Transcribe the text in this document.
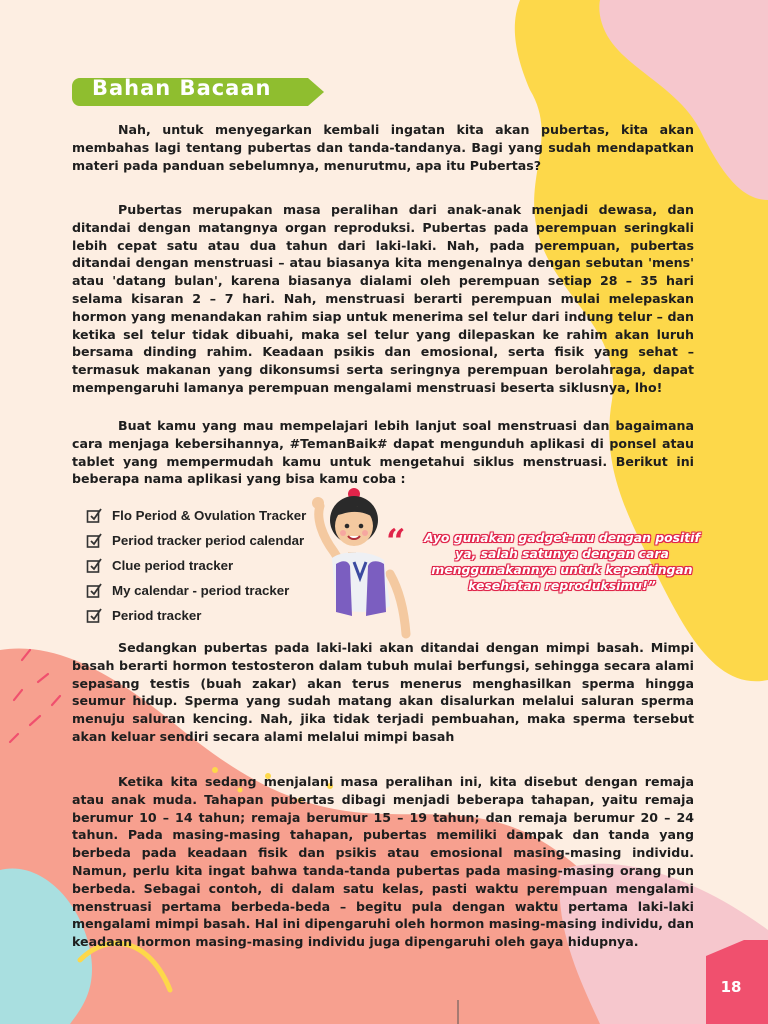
Bahan Bacaan

Nah, untuk menyegarkan kembali ingatan kita akan pubertas, kita akan membahas lagi tentang pubertas dan tanda-tandanya. Bagi yang sudah mendapatkan materi pada panduan sebelumnya, menurutmu, apa itu Pubertas?

Pubertas merupakan masa peralihan dari anak-anak menjadi dewasa, dan ditandai dengan matangnya organ reproduksi. Pubertas pada perempuan seringkali lebih cepat satu atau dua tahun dari laki-laki. Nah, pada perempuan, pubertas ditandai dengan menstruasi – atau biasanya kita mengenalnya dengan sebutan 'mens' atau 'datang bulan', karena biasanya dialami oleh perempuan setiap 28 – 35 hari selama kisaran 2 – 7 hari. Nah, menstruasi berarti perempuan mulai melepaskan hormon yang menandakan rahim siap untuk menerima sel telur dari indung telur – dan ketika sel telur tidak dibuahi, maka sel telur yang dilepaskan ke rahim akan luruh bersama dinding rahim. Keadaan psikis dan emosional, serta fisik yang sehat – termasuk makanan yang dikonsumsi serta seringnya perempuan berolahraga, dapat mempengaruhi lamanya perempuan mengalami menstruasi beserta siklusnya, lho!

Buat kamu yang mau mempelajari lebih lanjut soal menstruasi dan bagaimana cara menjaga kebersihannya, #TemanBaik# dapat mengunduh aplikasi di ponsel atau tablet yang mempermudah kamu untuk mengetahui siklus menstruasi. Berikut ini beberapa nama aplikasi yang bisa kamu coba :

Flo Period & Ovulation Tracker
Period tracker period calendar
Clue period tracker
My calendar - period tracker
Period tracker
“	Ayo gunakan gadget-mu dengan positif ya, salah satunya dengan cara menggunakannya untuk kepentingan kesehatan reproduksimu!”

Sedangkan pubertas pada laki-laki akan ditandai dengan mimpi basah. Mimpi basah berarti hormon testosteron dalam tubuh mulai berfungsi, sehingga secara alami sepasang testis (buah zakar) akan terus menerus menghasilkan sperma hingga seumur hidup. Sperma yang sudah matang akan disalurkan melalui saluran sperma menuju saluran kencing. Nah, jika tidak terjadi pembuahan, maka sperma tersebut akan keluar sendiri secara alami melalui mimpi basah

Ketika kita sedang menjalani masa peralihan ini, kita disebut dengan remaja atau anak muda. Tahapan pubertas dibagi menjadi beberapa tahapan, yaitu remaja berumur 10 – 14 tahun; remaja berumur 15 – 19 tahun; dan remaja berumur 20 – 24 tahun. Pada masing-masing tahapan, pubertas memiliki dampak dan tanda yang berbeda pada keadaan fisik dan psikis atau emosional masing-masing individu. Namun, perlu kita ingat bahwa tanda-tanda pubertas pada masing-masing orang pun berbeda. Sebagai contoh, di dalam satu kelas, pasti waktu perempuan mengalami menstruasi pertama berbeda-beda – begitu pula dengan waktu pertama laki-laki mengalami mimpi basah. Hal ini dipengaruhi oleh hormon masing-masing individu, dan keadaan hormon masing-masing individu juga dipengaruhi oleh gaya hidupnya.

18
